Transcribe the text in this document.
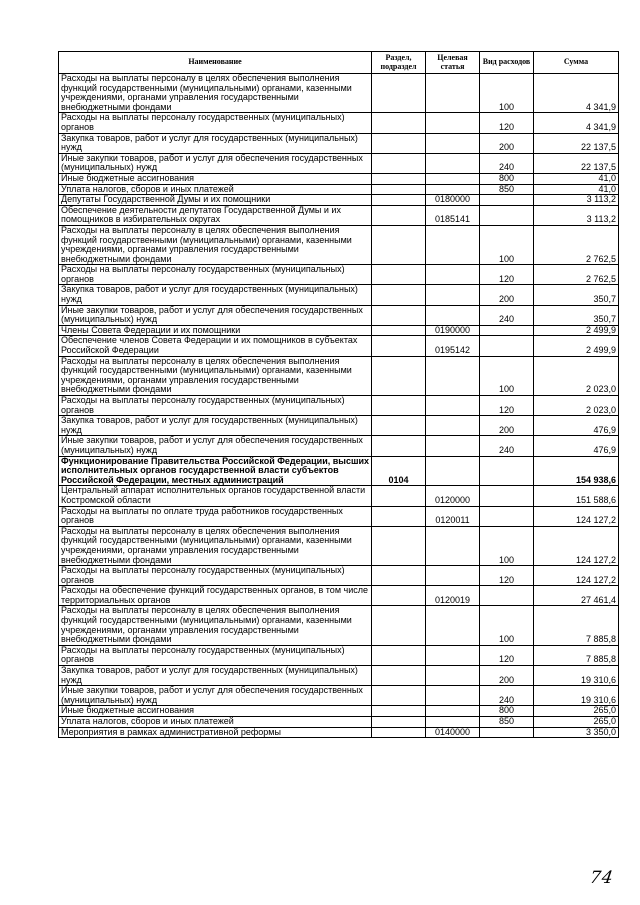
Наименование	Раздел, подраздел	Целевая статья	Вид расходов	Сумма
Расходы на выплаты персоналу в целях обеспечения выполнения функций государственными (муниципальными) органами, казенными учреждениями, органами управления государственными внебюджетными фондами			100	4 341,9
Расходы на выплаты персоналу государственных (муниципальных) органов			120	4 341,9
Закупка товаров, работ и услуг для государственных (муниципальных) нужд			200	22 137,5
Иные закупки товаров, работ и услуг для обеспечения государственных (муниципальных) нужд			240	22 137,5
Иные бюджетные ассигнования			800	41,0
Уплата налогов, сборов и иных платежей			850	41,0
Депутаты Государственной Думы и их помощники		0180000		3 113,2
Обеспечение деятельности депутатов Государственной Думы и их помощников в избирательных округах		0185141		3 113,2
Расходы на выплаты персоналу в целях обеспечения выполнения функций государственными (муниципальными) органами, казенными учреждениями, органами управления государственными внебюджетными фондами			100	2 762,5
Расходы на выплаты персоналу государственных (муниципальных) органов			120	2 762,5
Закупка товаров, работ и услуг для государственных (муниципальных) нужд			200	350,7
Иные закупки товаров, работ и услуг для обеспечения государственных (муниципальных) нужд			240	350,7
Члены Совета Федерации и их помощники		0190000		2 499,9
Обеспечение членов Совета Федерации и их помощников в субъектах Российской Федерации		0195142		2 499,9
Расходы на выплаты персоналу в целях обеспечения выполнения функций государственными (муниципальными) органами, казенными учреждениями, органами управления государственными внебюджетными фондами			100	2 023,0
Расходы на выплаты персоналу государственных (муниципальных) органов			120	2 023,0
Закупка товаров, работ и услуг для государственных (муниципальных) нужд			200	476,9
Иные закупки товаров, работ и услуг для обеспечения государственных (муниципальных) нужд			240	476,9
Функционирование Правительства Российской Федерации, высших исполнительных органов государственной власти субъектов Российской Федерации, местных администраций	0104			154 938,6
Центральный аппарат исполнительных органов государственной власти Костромской области		0120000		151 588,6
Расходы на выплаты по оплате труда работников государственных органов		0120011		124 127,2
Расходы на выплаты персоналу в целях обеспечения выполнения функций государственными (муниципальными) органами, казенными учреждениями, органами управления государственными внебюджетными фондами			100	124 127,2
Расходы на выплаты персоналу государственных (муниципальных) органов			120	124 127,2
Расходы на обеспечение функций государственных органов, в том числе территориальных органов		0120019		27 461,4
Расходы на выплаты персоналу в целях обеспечения выполнения функций государственными (муниципальными) органами, казенными учреждениями, органами управления государственными внебюджетными фондами			100	7 885,8
Расходы на выплаты персоналу государственных (муниципальных) органов			120	7 885,8
Закупка товаров, работ и услуг для государственных (муниципальных) нужд			200	19 310,6
Иные закупки товаров, работ и услуг для обеспечения государственных (муниципальных) нужд			240	19 310,6
Иные бюджетные ассигнования			800	265,0
Уплата налогов, сборов и иных платежей			850	265,0
Мероприятия в рамках административной реформы		0140000		3 350,0
74
